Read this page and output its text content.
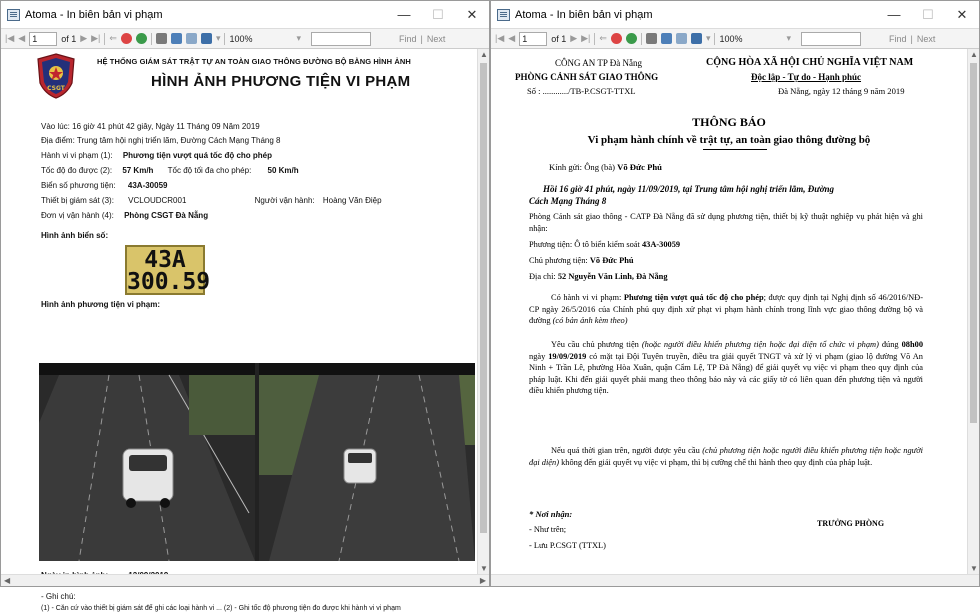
Atoma - In biên bản vi phạm	—	☐	✕
|◀ ◀ 1	of 1 ▶ ▶| ⇐	▾ 100%	▾	Find | Next
CSGT
HỆ THỐNG GIÁM SÁT TRẬT TỰ AN TOÀN GIAO THÔNG ĐƯỜNG BỘ BẰNG HÌNH ẢNH
HÌNH ẢNH PHƯƠNG TIỆN VI PHẠM
Vào lúc: 16 giờ 41 phút 42 giây, Ngày 11 Tháng 09 Năm 2019
Địa điểm: Trung tâm hội nghị triển lãm, Đường Cách Mạng Tháng 8
Hành vi vi phạm (1): Phương tiện vượt quá tốc độ cho phép
Tốc độ đo được (2): 57 Km/h Tốc độ tối đa cho phép: 50 Km/h
Biển số phương tiện: 43A-30059
Thiết bị giám sát (3): VCLOUDCR001	Người vận hành: Hoàng Văn Điệp
Đơn vị vận hành (4): Phòng CSGT Đà Nẵng
Hình ảnh biển số:
43A
300.59
Hình ảnh phương tiện vi phạm:
- Ghi chú:
(1) - Căn cứ vào thiết bị giám sát để ghi các loại hành vi ... (2) - Ghi tốc độ phương tiện đo được khi hành vi vi phạm
▲
▼
◀	▶
Atoma - In biên bản vi phạm	—	☐	✕
|◀ ◀ 1	of 1 ▶ ▶| ⇐	▾ 100%	▾	Find | Next
CÔNG AN TP Đà Nẵng
PHÒNG CẢNH SÁT GIAO THÔNG
Số : ............/TB-P.CSGT-TTXL
CỘNG HÒA XÃ HỘI CHỦ NGHĨA VIỆT NAM
Độc lập - Tự do - Hạnh phúc
Đà Nẵng, ngày 12 tháng 9 năm 2019
THÔNG BÁO
Vi phạm hành chính về trật tự, an toàn giao thông đường bộ
Kính gửi: Ông (bà) Võ Đức Phú
Hồi 16 giờ 41 phút, ngày 11/09/2019, tại Trung tâm hội nghị triển lãm, Đường
Cách Mạng Tháng 8
Phòng Cảnh sát giao thông - CATP Đà Nẵng đã sử dụng phương tiện, thiết bị kỹ thuật nghiệp vụ phát hiện và ghi nhận:
Phương tiện: Ô tô biển kiểm soát 43A-30059
Chủ phương tiện: Võ Đức Phú
Địa chỉ: 52 Nguyễn Văn Linh, Đà Nẵng
Có hành vi vi phạm: Phương tiện vượt quá tốc độ cho phép; được quy định tại Nghị định số 46/2016/NĐ-CP ngày 26/5/2016 của Chính phủ quy định xử phạt vi phạm hành chính trong lĩnh vực giao thông đường bộ và đường (có bản ảnh kèm theo)
Yêu cầu chủ phương tiện (hoặc người điều khiển phương tiện hoặc đại diện tổ chức vi phạm) đúng 08h00 ngày 19/09/2019 có mặt tại Đội Tuyên truyền, điều tra giải quyết TNGT và xử lý vi phạm (giao lộ đường Võ An Ninh + Trần Lê, phường Hòa Xuân, quận Cẩm Lệ, TP Đà Nẵng) để giải quyết vụ việc vi phạm theo quy định của pháp luật. Khi đến giải quyết phải mang theo thông báo này và các giấy tờ có liên quan đến phương tiện và người điều khiển phương tiện.
Nếu quá thời gian trên, người được yêu cầu (chủ phương tiện hoặc người điều khiển phương tiện hoặc người đại diện) không đến giải quyết vụ việc vi phạm, thì bị cưỡng chế thi hành theo quy định của pháp luật.
* Nơi nhận:
- Như trên;
- Lưu P.CSGT (TTXL)
TRƯỞNG PHÒNG
▲
▼
